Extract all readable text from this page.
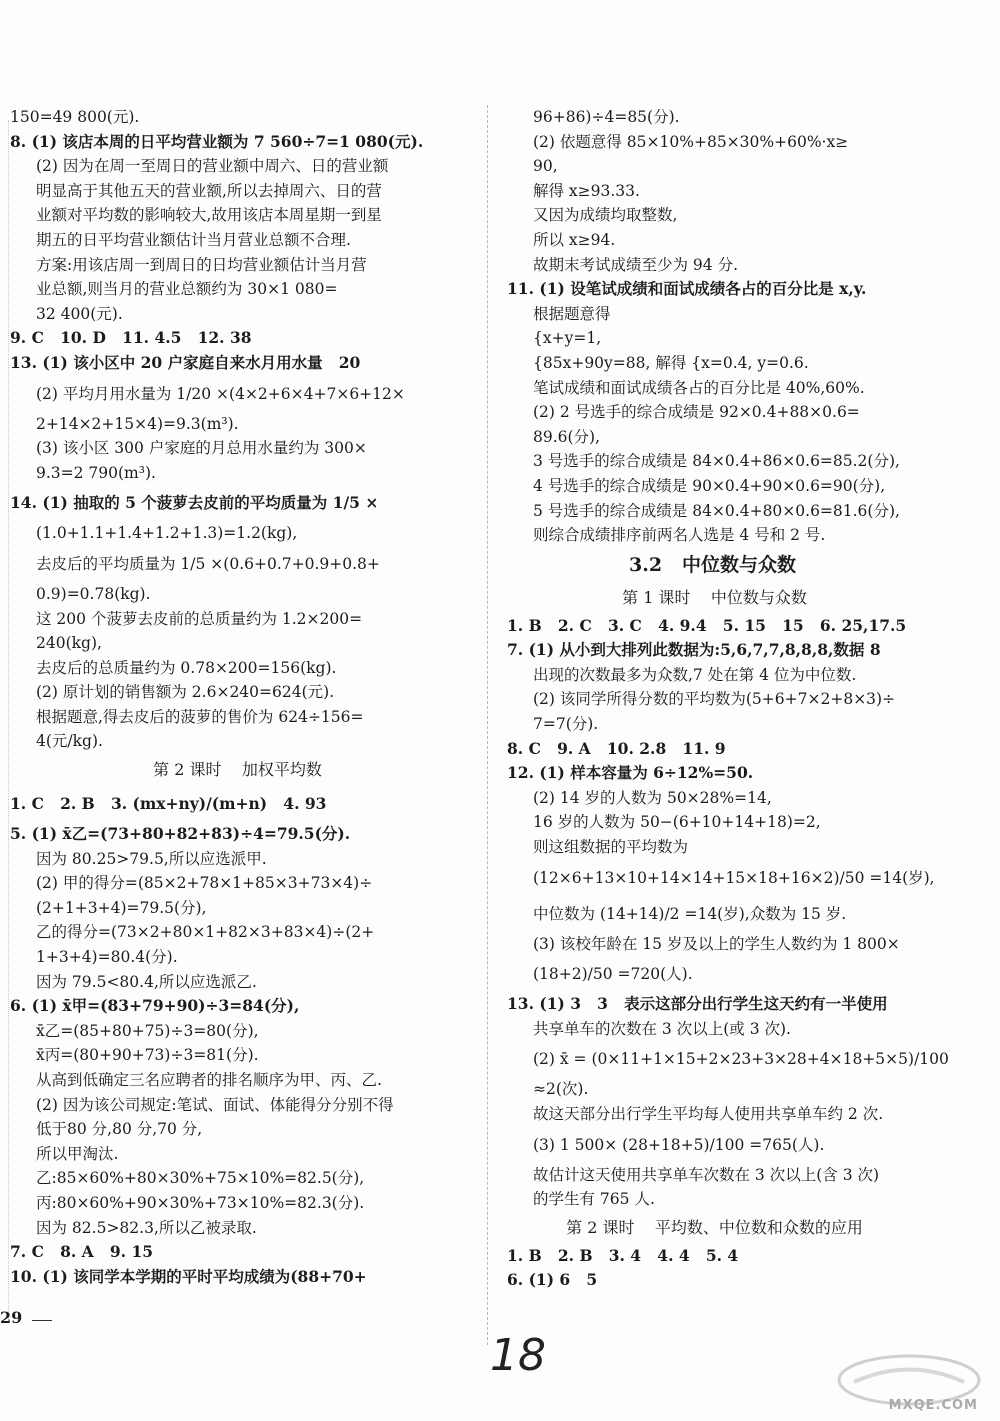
150=49 800(元).
8. (1) 该店本周的日平均营业额为 7 560÷7=1 080(元).
(2) 因为在周一至周日的营业额中周六、日的营业额
明显高于其他五天的营业额,所以去掉周六、日的营
业额对平均数的影响较大,故用该店本周星期一到星
期五的日平均营业额估计当月营业总额不合理.
方案:用该店周一到周日的日均营业额估计当月营
业总额,则当月的营业总额约为 30×1 080=
32 400(元).
9. C   10. D   11. 4.5   12. 38
13. (1) 该小区中 20 户家庭自来水月用水量   20
(2) 平均月用水量为 1/20 ×(4×2+6×4+7×6+12×
2+14×2+15×4)=9.3(m³).
(3) 该小区 300 户家庭的月总用水量约为 300×
9.3=2 790(m³).
14. (1) 抽取的 5 个菠萝去皮前的平均质量为 1/5 ×
(1.0+1.1+1.4+1.2+1.3)=1.2(kg),
去皮后的平均质量为 1/5 ×(0.6+0.7+0.9+0.8+
0.9)=0.78(kg).
这 200 个菠萝去皮前的总质量约为 1.2×200=
240(kg),
去皮后的总质量约为 0.78×200=156(kg).
(2) 原计划的销售额为 2.6×240=624(元).
根据题意,得去皮后的菠萝的售价为 624÷156=
4(元/kg).
第 2 课时    加权平均数
1. C   2. B   3. (mx+ny)/(m+n)   4. 93
5. (1) x̄乙=(73+80+82+83)÷4=79.5(分).
因为 80.25>79.5,所以应选派甲.
(2) 甲的得分=(85×2+78×1+85×3+73×4)÷
(2+1+3+4)=79.5(分),
乙的得分=(73×2+80×1+82×3+83×4)÷(2+
1+3+4)=80.4(分).
因为 79.5<80.4,所以应选派乙.
6. (1) x̄甲=(83+79+90)÷3=84(分),
x̄乙=(85+80+75)÷3=80(分),
x̄丙=(80+90+73)÷3=81(分).
从高到低确定三名应聘者的排名顺序为甲、丙、乙.
(2) 因为该公司规定:笔试、面试、体能得分分别不得
低于80 分,80 分,70 分,
所以甲淘汰.
乙:85×60%+80×30%+75×10%=82.5(分),
丙:80×60%+90×30%+73×10%=82.3(分).
因为 82.5>82.3,所以乙被录取.
7. C   8. A   9. 15
10. (1) 该同学本学期的平时平均成绩为(88+70+
96+86)÷4=85(分).
(2) 依题意得 85×10%+85×30%+60%·x≥
90,
解得 x≥93.33.
又因为成绩均取整数,
所以 x≥94.
故期末考试成绩至少为 94 分.
11. (1) 设笔试成绩和面试成绩各占的百分比是 x,y.
根据题意得
{x+y=1,
{85x+90y=88, 解得 {x=0.4, y=0.6.
笔试成绩和面试成绩各占的百分比是 40%,60%.
(2) 2 号选手的综合成绩是 92×0.4+88×0.6=
89.6(分),
3 号选手的综合成绩是 84×0.4+86×0.6=85.2(分),
4 号选手的综合成绩是 90×0.4+90×0.6=90(分),
5 号选手的综合成绩是 84×0.4+80×0.6=81.6(分),
则综合成绩排序前两名人选是 4 号和 2 号.
3.2   中位数与众数
第 1 课时    中位数与众数
1. B   2. C   3. C   4. 9.4   5. 15   15   6. 25,17.5
7. (1) 从小到大排列此数据为:5,6,7,7,8,8,8,数据 8
出现的次数最多为众数,7 处在第 4 位为中位数.
(2) 该同学所得分数的平均数为(5+6+7×2+8×3)÷
7=7(分).
8. C   9. A   10. 2.8   11. 9
12. (1) 样本容量为 6÷12%=50.
(2) 14 岁的人数为 50×28%=14,
16 岁的人数为 50−(6+10+14+18)=2,
则这组数据的平均数为
(12×6+13×10+14×14+15×18+16×2)/50 =14(岁),
中位数为 (14+14)/2 =14(岁),众数为 15 岁.
(3) 该校年龄在 15 岁及以上的学生人数约为 1 800×
(18+2)/50 =720(人).
13. (1) 3   3   表示这部分出行学生这天约有一半使用
共享单车的次数在 3 次以上(或 3 次).
(2) x̄ = (0×11+1×15+2×23+3×28+4×18+5×5)/100
≈2(次).
故这天部分出行学生平均每人使用共享单车约 2 次.
(3) 1 500× (28+18+5)/100 =765(人).
故估计这天使用共享单车次数在 3 次以上(含 3 次)
的学生有 765 人.
第 2 课时    平均数、中位数和众数的应用
1. B   2. B   3. 4   4. 4   5. 4
6. (1) 6   5
29
18
MXQE.COM
